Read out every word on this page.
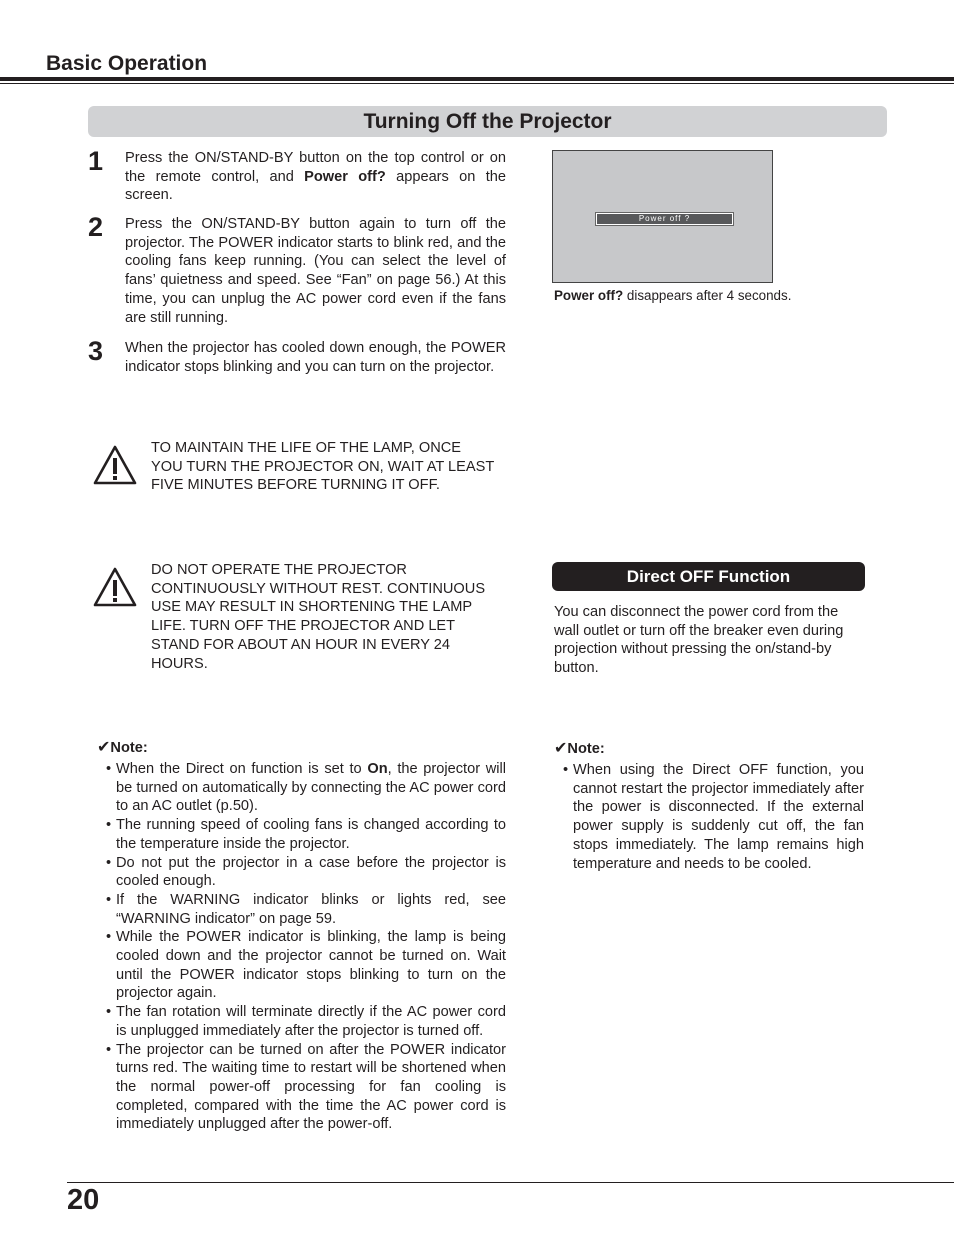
Basic Operation
Turning Off the Projector
1 Press the ON/STAND-BY button on the top control or on the remote control, and Power off? appears on the screen.
2 Press the ON/STAND-BY button again to turn off the projector. The POWER indicator starts to blink red, and the cooling fans keep running. (You can select the level of fans’ quietness and speed. See “Fan” on page 56.) At this time, you can unplug the AC power cord even if the fans are still running.
3 When the projector has cooled down enough, the POWER indicator stops blinking and you can turn on the projector.
Power off ?
Power off? disappears after 4 seconds.
TO MAINTAIN THE LIFE OF THE LAMP, ONCE YOU TURN THE PROJECTOR ON, WAIT AT LEAST FIVE MINUTES BEFORE TURNING IT OFF.
DO NOT OPERATE THE PROJECTOR CONTINUOUSLY WITHOUT REST. CONTINUOUS USE MAY RESULT IN SHORTENING THE LAMP LIFE. TURN OFF THE PROJECTOR AND LET STAND FOR ABOUT AN HOUR IN EVERY 24 HOURS.
Direct OFF Function
You can disconnect the power cord from the wall outlet or turn off the breaker even during projection without pressing the on/stand-by button.
✔Note:
• When the Direct on function is set to On, the projector will be turned on automatically by connecting the AC power cord to an AC outlet (p.50).
• The running speed of cooling fans is changed according to the temperature inside the projector.
• Do not put the projector in a case before the projector is cooled enough.
• If the WARNING indicator blinks or lights red, see “WARNING indicator” on page 59.
• While the POWER indicator is blinking, the lamp is being cooled down and the projector cannot be turned on. Wait until the POWER indicator stops blinking to turn on the projector again.
• The fan rotation will terminate directly if the AC power cord is unplugged immediately after the projector is turned off.
• The projector can be turned on after the POWER indicator turns red. The waiting time to restart will be shortened when the normal power-off processing for fan cooling is completed, compared with the time the AC power cord is immediately unplugged after the power-off.
✔Note:
• When using the Direct OFF function, you cannot restart the projector immediately after the power is disconnected. If the external power supply is suddenly cut off, the fan stops immediately. The lamp remains high temperature and needs to be cooled.
20
